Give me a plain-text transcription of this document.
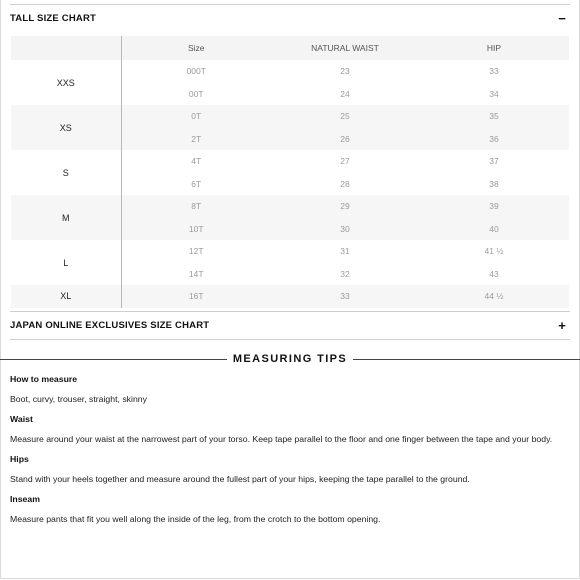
TALL SIZE CHART	−
	Size	NATURAL WAIST	HIP
XXS	000T	23	33
	00T	24	34
XS	0T	25	35
	2T	26	36
S	4T	27	37
	6T	28	38
M	8T	29	39
	10T	30	40
L	12T	31	41 ½
	14T	32	43
XL	16T	33	44 ½
JAPAN ONLINE EXCLUSIVES SIZE CHART	+
MEASURING TIPS
How to measure
Boot, curvy, trouser, straight, skinny
Waist
Measure around your waist at the narrowest part of your torso. Keep tape parallel to the floor and one finger between the tape and your body.
Hips
Stand with your heels together and measure around the fullest part of your hips, keeping the tape parallel to the ground.
Inseam
Measure pants that fit you well along the inside of the leg, from the crotch to the bottom opening.
